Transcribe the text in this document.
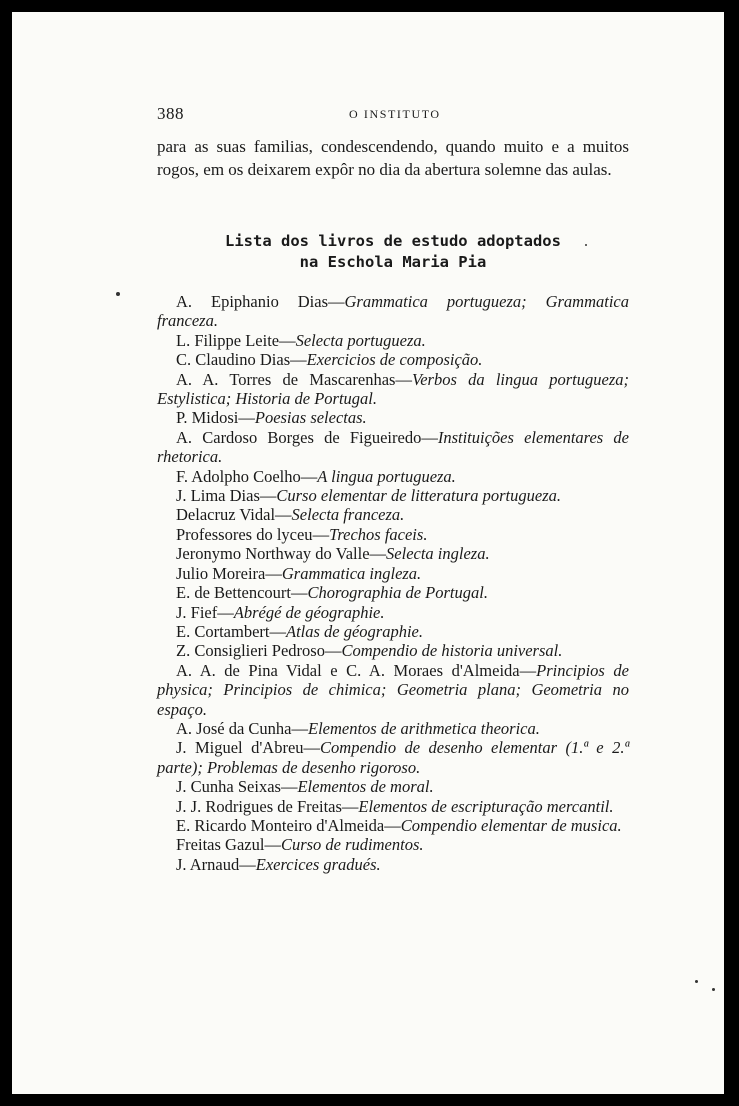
388	O INSTITUTO

para as suas familias, condescendendo, quando muito e a muitos rogos, em os deixarem expôr no dia da abertura solemne das aulas.

Lista dos livros de estudo adoptados
na Eschola Maria Pia
A. Epiphanio Dias—Grammatica portugueza; Grammatica franceza.
L. Filippe Leite—Selecta portugueza.
C. Claudino Dias—Exercicios de composição.
A. A. Torres de Mascarenhas—Verbos da lingua portugueza; Estylistica; Historia de Portugal.
P. Midosi—Poesias selectas.
A. Cardoso Borges de Figueiredo—Instituições elementares de rhetorica.
F. Adolpho Coelho—A lingua portugueza.
J. Lima Dias—Curso elementar de litteratura portugueza.
Delacruz Vidal—Selecta franceza.
Professores do lyceu—Trechos faceis.
Jeronymo Northway do Valle—Selecta ingleza.
Julio Moreira—Grammatica ingleza.
E. de Bettencourt—Chorographia de Portugal.
J. Fief—Abrégé de géographie.
E. Cortambert—Atlas de géographie.
Z. Consiglieri Pedroso—Compendio de historia universal.
A. A. de Pina Vidal e C. A. Moraes d'Almeida—Principios de physica; Principios de chimica; Geometria plana; Geometria no espaço.
A. José da Cunha—Elementos de arithmetica theorica.
J. Miguel d'Abreu—Compendio de desenho elementar (1.ª e 2.ª parte); Problemas de desenho rigoroso.
J. Cunha Seixas—Elementos de moral.
J. J. Rodrigues de Freitas—Elementos de escripturação mercantil.
E. Ricardo Monteiro d'Almeida—Compendio elementar de musica.
Freitas Gazul—Curso de rudimentos.
J. Arnaud—Exercices gradués.
